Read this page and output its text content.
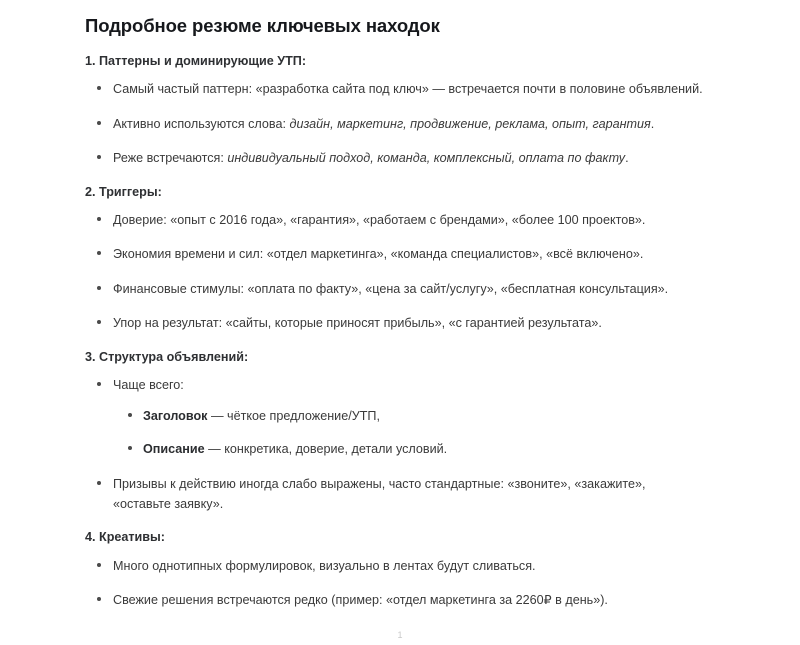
Подробное резюме ключевых находок
1. Паттерны и доминирующие УТП:
Самый частый паттерн: «разработка сайта под ключ» — встречается почти в половине объявлений.
Активно используются слова: дизайн, маркетинг, продвижение, реклама, опыт, гарантия.
Реже встречаются: индивидуальный подход, команда, комплексный, оплата по факту.
2. Триггеры:
Доверие: «опыт с 2016 года», «гарантия», «работаем с брендами», «более 100 проектов».
Экономия времени и сил: «отдел маркетинга», «команда специалистов», «всё включено».
Финансовые стимулы: «оплата по факту», «цена за сайт/услугу», «бесплатная консультация».
Упор на результат: «сайты, которые приносят прибыль», «с гарантией результата».
3. Структура объявлений:
Чаще всего:
Заголовок — чёткое предложение/УТП,
Описание — конкретика, доверие, детали условий.
Призывы к действию иногда слабо выражены, часто стандартные: «звоните», «закажите», «оставьте заявку».
4. Креативы:
Много однотипных формулировок, визуально в лентах будут сливаться.
Свежие решения встречаются редко (пример: «отдел маркетинга за 2260₽ в день»).
1
